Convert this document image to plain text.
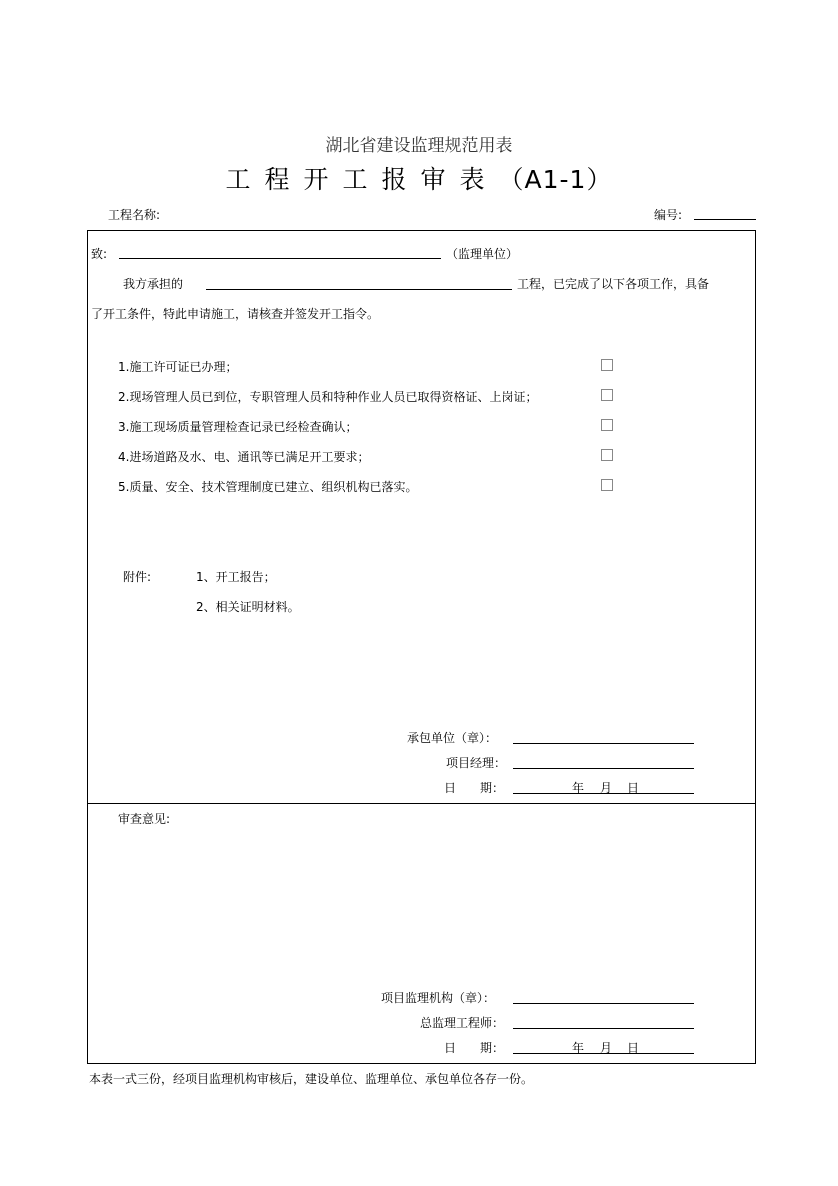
湖北省建设监理规范用表
工程开工报审表（A1-1）
工程名称:	编号:
致:	（监理单位）
我方承担的	工程，已完成了以下各项工作，具备
了开工条件，特此申请施工，请核查并签发开工指令。
1.施工许可证已办理；
2.现场管理人员已到位，专职管理人员和特种作业人员已取得资格证、上岗证；
3.施工现场质量管理检查记录已经检查确认；
4.进场道路及水、电、通讯等已满足开工要求；
5.质量、安全、技术管理制度已建立、组织机构已落实。
附件:	1、开工报告；
2、相关证明材料。
承包单位（章）：
项目经理：
日　　期：	年 月 日
审查意见:
项目监理机构（章）：
总监理工程师：
日　　期：	年 月 日
本表一式三份，经项目监理机构审核后，建设单位、监理单位、承包单位各存一份。
